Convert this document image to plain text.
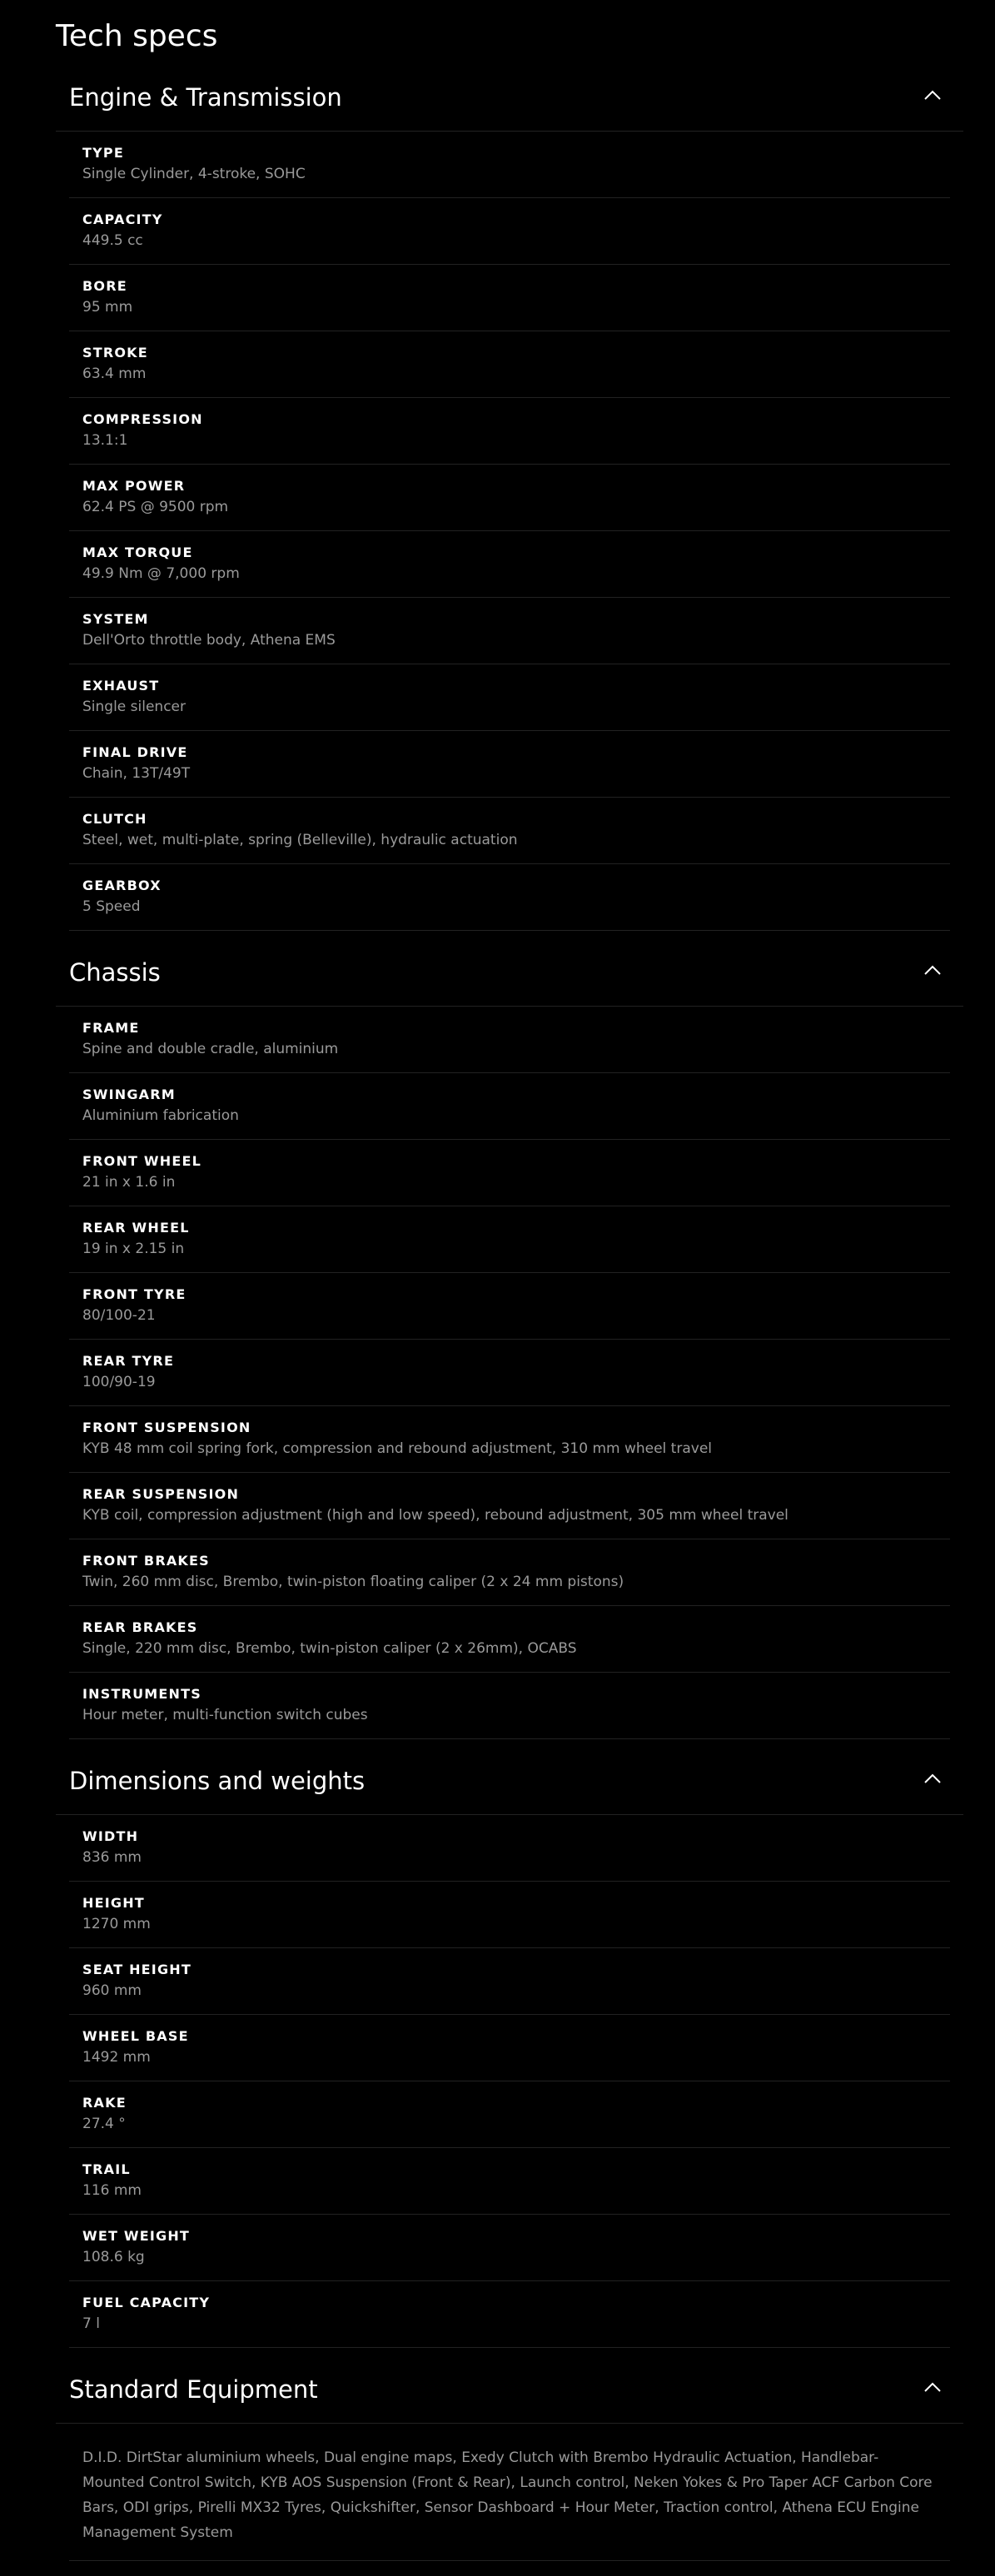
Tech specs
Engine & Transmission
TYPE
Single Cylinder, 4-stroke, SOHC
CAPACITY
449.5 cc
BORE
95 mm
STROKE
63.4 mm
COMPRESSION
13.1:1
MAX POWER
62.4 PS @ 9500 rpm
MAX TORQUE
49.9 Nm @ 7,000 rpm
SYSTEM
Dell'Orto throttle body, Athena EMS
EXHAUST
Single silencer
FINAL DRIVE
Chain, 13T/49T
CLUTCH
Steel, wet, multi-plate, spring (Belleville), hydraulic actuation
GEARBOX
5 Speed
Chassis
FRAME
Spine and double cradle, aluminium
SWINGARM
Aluminium fabrication
FRONT WHEEL
21 in x 1.6 in
REAR WHEEL
19 in x 2.15 in
FRONT TYRE
80/100-21
REAR TYRE
100/90-19
FRONT SUSPENSION
KYB 48 mm coil spring fork, compression and rebound adjustment, 310 mm wheel travel
REAR SUSPENSION
KYB coil, compression adjustment (high and low speed), rebound adjustment, 305 mm wheel travel
FRONT BRAKES
Twin, 260 mm disc, Brembo, twin-piston floating caliper (2 x 24 mm pistons)
REAR BRAKES
Single, 220 mm disc, Brembo, twin-piston caliper (2 x 26mm), OCABS
INSTRUMENTS
Hour meter, multi-function switch cubes
Dimensions and weights
WIDTH
836 mm
HEIGHT
1270 mm
SEAT HEIGHT
960 mm
WHEEL BASE
1492 mm
RAKE
27.4 °
TRAIL
116 mm
WET WEIGHT
108.6 kg
FUEL CAPACITY
7 l
Standard Equipment
D.I.D. DirtStar aluminium wheels, Dual engine maps, Exedy Clutch with Brembo Hydraulic Actuation, Handlebar-Mounted Control Switch, KYB AOS Suspension (Front & Rear), Launch control, Neken Yokes & Pro Taper ACF Carbon Core Bars, ODI grips, Pirelli MX32 Tyres, Quickshifter, Sensor Dashboard + Hour Meter, Traction control, Athena ECU Engine Management System
